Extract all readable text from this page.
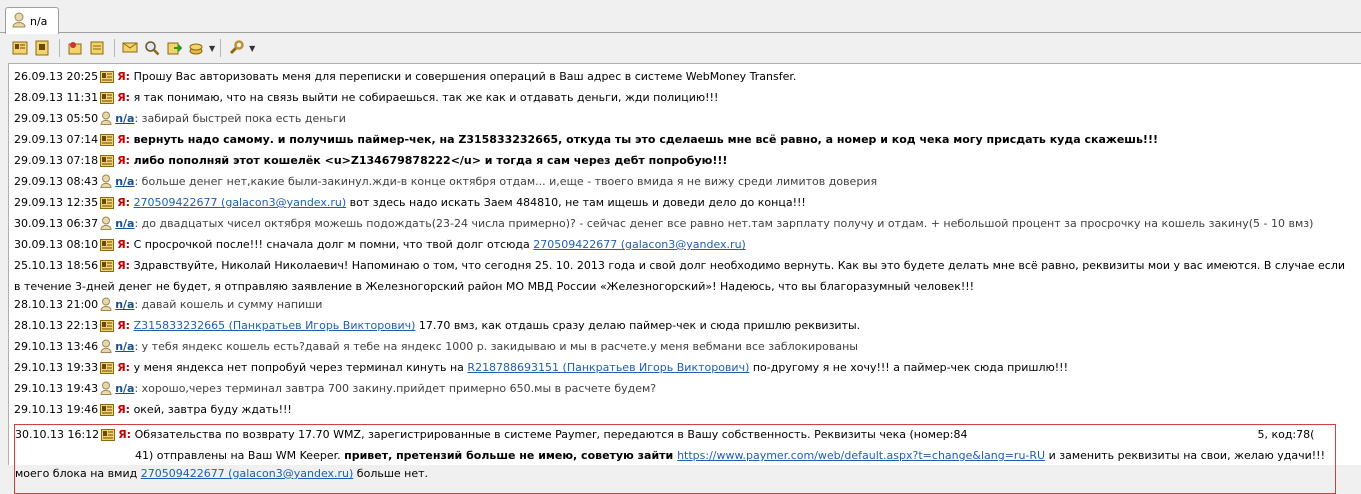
n/a
▼	▼
26.09.13 20:25 Я: Прошу Вас авторизовать меня для переписки и совершения операций в Ваш адрес в системе WebMoney Transfer.
28.09.13 11:31 Я: я так понимаю, что на связь выйти не собираешься. так же как и отдавать деньги, жди полицию!!!
29.09.13 05:50 n/a: забирай быстрей пока есть деньги
29.09.13 07:14 Я: вернуть надо самому. и получишь паймер-чек, на Z315833232665, откуда ты это сделаешь мне всё равно, а номер и код чека могу присдать куда скажешь!!!
29.09.13 07:18 Я: либо пополняй этот кошелёк <u>Z134679878222</u> и тогда я сам через дебт попробую!!!
29.09.13 08:43 n/a: больше денег нет,какие были-закинул.жди-в конце октября отдам... и,еще - твоего вмида я не вижу среди лимитов доверия
29.09.13 12:35 Я: 270509422677 (galacon3@yandex.ru) вот здесь надо искать Заем 484810, не там ищешь и доведи дело до конца!!!
30.09.13 06:37 n/a: до двадцатых чисел октября можешь подождать(23-24 числа примерно)? - сейчас денег все равно нет.там зарплату получу и отдам. + небольшой процент за просрочку на кошель закину(5 - 10 вмз)
30.09.13 08:10 Я: С просрочкой после!!! сначала долг м помни, что твой долг отсюда 270509422677 (galacon3@yandex.ru)
25.10.13 18:56 Я: Здравствуйте, Николай Николаевич! Напоминаю о том, что сегодня 25. 10. 2013 года и свой долг необходимо вернуть. Как вы это будете делать мне всё равно, реквизиты мои у вас имеются. В случае если в течение 3-дней денег не будет, я отправляю заявление в Железногорский район МО МВД России «Железногорский»! Надеюсь, что вы благоразумный человек!!!
28.10.13 21:00 n/a: давай кошель и сумму напиши
28.10.13 22:13 Я: Z315833232665 (Панкратьев Игорь Викторович) 17.70 вмз, как отдашь сразу делаю паймер-чек и сюда пришлю реквизиты.
29.10.13 13:46 n/a: у тебя яндекс кошель есть?давай я тебе на яндекс 1000 р. закидываю и мы в расчете.у меня вебмани все заблокированы
29.10.13 19:33 Я: у меня яндекса нет попробуй через терминал кинуть на R218788693151 (Панкратьев Игорь Викторович) по-другому я не хочу!!! а паймер-чек сюда пришлю!!!
29.10.13 19:43 n/a: хорошо,через терминал завтра 700 закину.прийдет примерно 650.мы в расчете будем?
29.10.13 19:46 Я: окей, завтра буду ждать!!!
30.10.13 16:12 Я: Обязательства по возврату 17.70 WMZ, зарегистрированные в системе Paymer, передаются в Вашу собственность. Реквизиты чека (номер:84	5, код:78( 41) отправлены на Ваш WM Keeper. привет, претензий больше не имею, советую зайти https://www.paymer.com/web/default.aspx?t=change&lang=ru-RU и заменить реквизиты на свои, желаю удачи!!! моего блока на вмид 270509422677 (galacon3@yandex.ru) больше нет.
